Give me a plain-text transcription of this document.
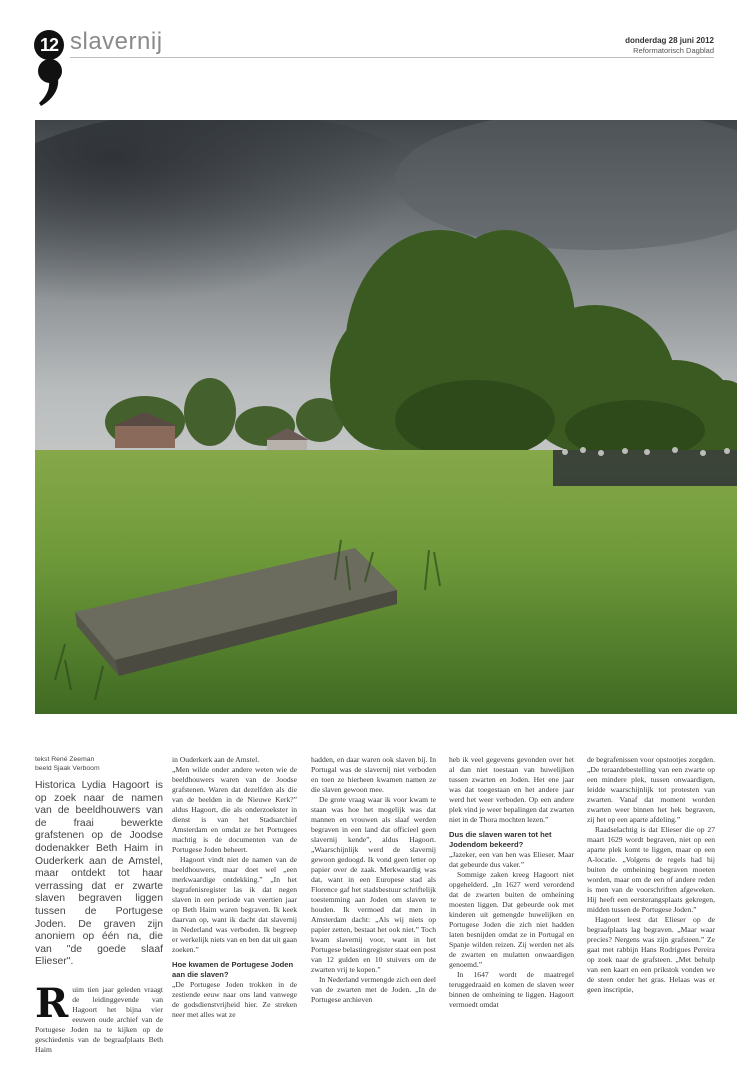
12 slavernij	donderdag 28 juni 2012
Reformatorisch Dagblad
tekst René Zeeman
beeld Sjaak Verboom

Historica Lydia Hagoort is op zoek naar de namen van de beeldhouwers van de fraai bewerkte grafstenen op de Joodse dodenakker Beth Haim in Ouderkerk aan de Amstel, maar ontdekt tot haar verrassing dat er zwarte slaven begraven liggen tussen de Portugese Joden. De graven zijn anoniem op één na, die van "de goede slaaf Elieser".

Ruim tien jaar geleden vraagt de leidinggevende van Hagoort het bijna vier eeuwen oude archief van de Portugese Joden na te kijken op de geschiedenis van de begraafplaats Beth Haim

in Ouderkerk aan de Amstel.

„Men wilde onder andere weten wie de beeldhouwers waren van de Joodse grafstenen. Waren dat dezelfden als die van de beelden in de Nieuwe Kerk?” aldus Hagoort, die als onderzoekster in dienst is van het Stadsarchief Amsterdam en omdat ze het Portugees machtig is de documenten van de Portugese Joden beheert.

Hagoort vindt niet de namen van de beeldhouwers, maar doet wel „een merkwaardige ontdekking.” „In het begrafenisregister las ik dat negen slaven in een periode van veertien jaar op Beth Haim waren begraven. Ik keek daarvan op, want ik dacht dat slavernij in Nederland was verboden. Ik begreep er werkelijk niets van en ben dat uit gaan zoeken.”

Hoe kwamen de Portugese Joden aan die slaven?

„De Portugese Joden trokken in de zestiende eeuw naar ons land vanwege de godsdienstvrijheid hier. Ze streken neer met alles wat ze

hadden, en daar waren ook slaven bij. In Portugal was de slavernij niet verboden en toen ze hierheen kwamen namen ze die slaven gewoon mee.

De grote vraag waar ik voor kwam te staan was hoe het mogelijk was dat mannen en vrouwen als slaaf werden begraven in een land dat officieel geen slavernij kende”, aldus Hagoort. „Waarschijnlijk werd de slavernij gewoon gedoogd. Ik vond geen letter op papier over de zaak. Merkwaardig was dat, want in een Europese stad als Florence gaf het stadsbestuur schriftelijk toestemming aan Joden om slaven te houden. Ik vermoed dat men in Amsterdam dacht: „Als wij niets op papier zetten, bestaat het ook niet.” Toch kwam slavernij voor, want in het Portugese belastingregister staat een post van 12 gulden en 10 stuivers om de zwarten vrij te kopen.”

In Nederland vermengde zich een deel van de zwarten met de Joden. „In de Portugese archieven

heb ik veel gegevens gevonden over het al dan niet toestaan van huwelijken tussen zwarten en Joden. Het ene jaar was dat toegestaan en het andere jaar werd het weer verboden. Op een andere plek vind je weer bepalingen dat zwarten niet in de Thora mochten lezen.”

Dus die slaven waren tot het Jodendom bekeerd?

„Jazeker, een van hen was Elieser. Maar dat gebeurde dus vaker.”

Sommige zaken kreeg Hagoort niet opgehelderd. „In 1627 werd verordend dat de zwarten buiten de omheining moesten liggen. Dat gebeurde ook met kinderen uit gemengde huwelijken en Portugese Joden die zich niet hadden laten besnijden omdat ze in Portugal en Spanje wilden reizen. Zij werden net als de zwarten en mulatten onwaardigen genoemd.”

In 1647 wordt de maatregel teruggedraaid en komen de slaven weer binnen de omheining te liggen. Hagoort vermoedt omdat

de begrafenissen voor opstootjes zorgden. „De teraardebestelling van een zwarte op een mindere plek, tussen onwaardigen, leidde waarschijnlijk tot protesten van zwarten. Vanaf dat moment worden zwarten weer binnen het hek begraven, zij het op een aparte afdeling.”

Raadselachtig is dat Elieser die op 27 maart 1629 wordt begraven, niet op een aparte plek komt te liggen, maar op een A-locatie. „Volgens de regels had hij buiten de omheining begraven moeten worden, maar om de een of andere reden is men van de voorschriften afgeweken. Hij heeft een eersterangsplaats gekregen, midden tussen de Portugese Joden.”

Hagoort leest dat Elieser op de begraafplaats lag begraven. „Maar waar precies? Nergens was zijn grafsteen.” Ze gaat met rabbijn Hans Rodrigues Pereira op zoek naar de grafsteen. „Met behulp van een kaart en een prikstok vonden we de steen onder het gras. Helaas was er geen inscriptie,
